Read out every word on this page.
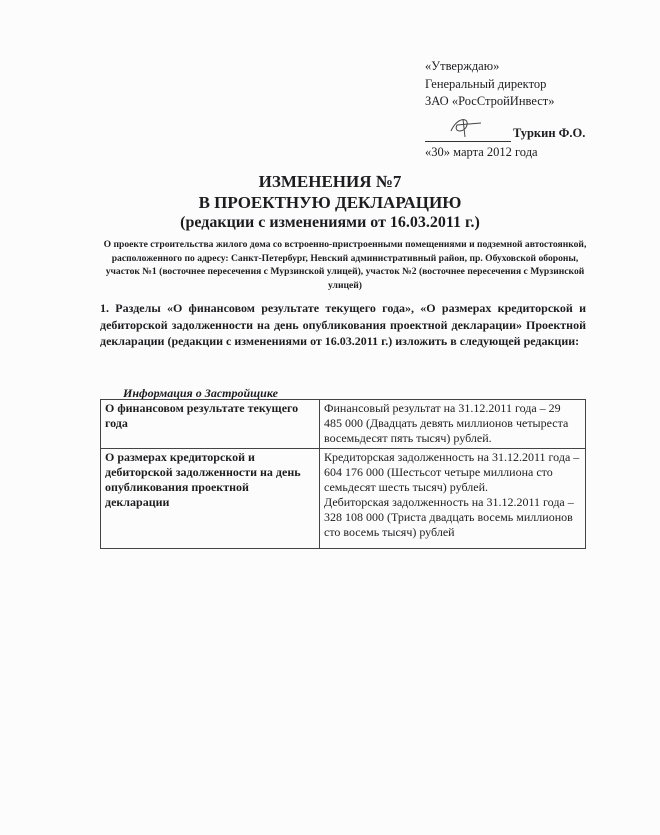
«Утверждаю»
Генеральный директор
ЗАО «РосСтройИнвест»
Туркин Ф.О.
«30» марта 2012 года
ИЗМЕНЕНИЯ №7
В ПРОЕКТНУЮ ДЕКЛАРАЦИЮ
(редакции с изменениями от 16.03.2011 г.)
О проекте строительства жилого дома со встроенно-пристроенными помещениями и подземной автостоянкой, расположенного по адресу: Санкт-Петербург, Невский административный район, пр. Обуховской обороны, участок №1 (восточнее пересечения с Мурзинской улицей), участок №2 (восточнее пересечения с Мурзинской улицей)
1. Разделы «О финансовом результате текущего года», «О размерах кредиторской и дебиторской задолженности на день опубликования проектной декларации» Проектной декларации (редакции с изменениями от 16.03.2011 г.) изложить в следующей редакции:
Информация о Застройщике
О финансовом результате текущего года	Финансовый результат на 31.12.2011 года – 29 485 000 (Двадцать девять миллионов четыреста восемьдесят пять тысяч) рублей.

О размерах кредиторской и дебиторской задолженности на день опубликования проектной декларации	Кредиторская задолженность на 31.12.2011 года – 604 176 000 (Шестьсот четыре миллиона сто семьдесят шесть тысяч) рублей.
Дебиторская задолженность на 31.12.2011 года – 328 108 000 (Триста двадцать восемь миллионов сто восемь тысяч) рублей
